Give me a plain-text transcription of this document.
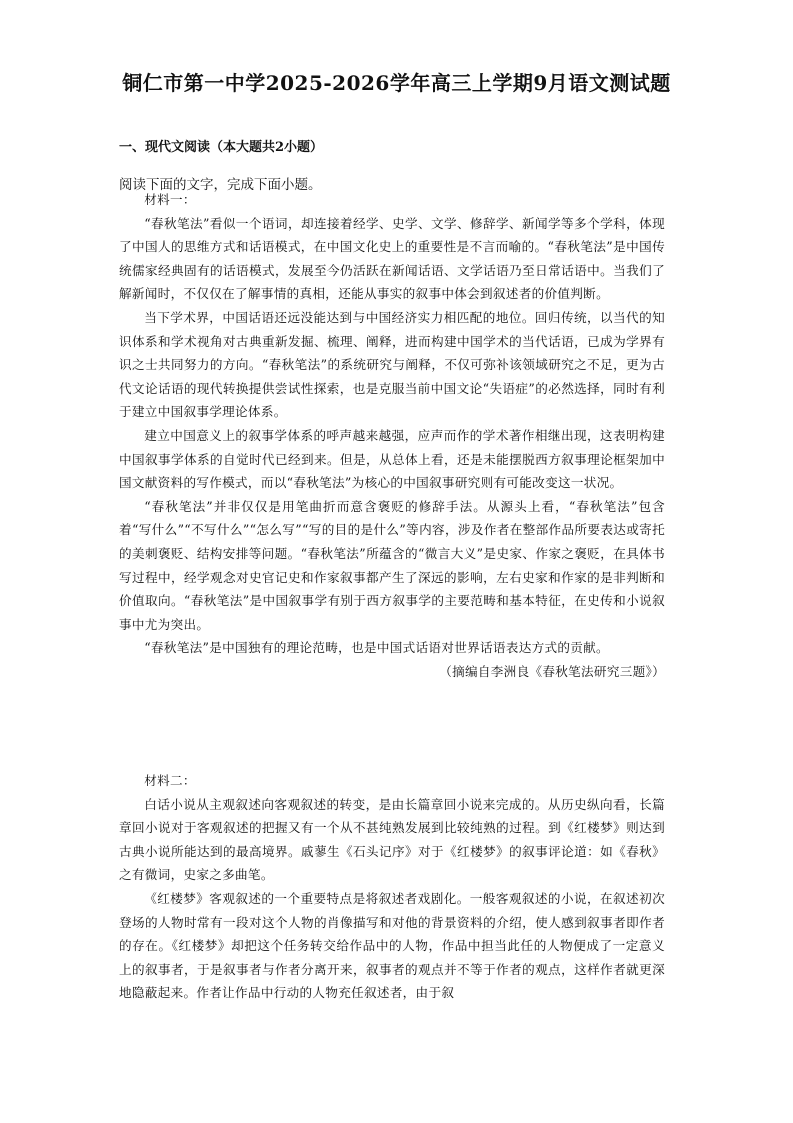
铜仁市第一中学2025-2026学年高三上学期9月语文测试题
一、现代文阅读（本大题共2小题）
阅读下面的文字，完成下面小题。

材料一：

“春秋笔法”看似一个语词，却连接着经学、史学、文学、修辞学、新闻学等多个学科，体现了中国人的思维方式和话语模式，在中国文化史上的重要性是不言而喻的。“春秋笔法”是中国传统儒家经典固有的话语模式，发展至今仍活跃在新闻话语、文学话语乃至日常话语中。当我们了解新闻时，不仅仅在了解事情的真相，还能从事实的叙事中体会到叙述者的价值判断。

当下学术界，中国话语还远没能达到与中国经济实力相匹配的地位。回归传统，以当代的知识体系和学术视角对古典重新发掘、梳理、阐释，进而构建中国学术的当代话语，已成为学界有识之士共同努力的方向。“春秋笔法”的系统研究与阐释，不仅可弥补该领域研究之不足，更为古代文论话语的现代转换提供尝试性探索，也是克服当前中国文论“失语症”的必然选择，同时有利于建立中国叙事学理论体系。

建立中国意义上的叙事学体系的呼声越来越强，应声而作的学术著作相继出现，这表明构建中国叙事学体系的自觉时代已经到来。但是，从总体上看，还是未能摆脱西方叙事理论框架加中国文献资料的写作模式，而以“春秋笔法”为核心的中国叙事研究则有可能改变这一状况。

“春秋笔法”并非仅仅是用笔曲折而意含褒贬的修辞手法。从源头上看，“春秋笔法”包含着“写什么”“不写什么”“怎么写”“写的目的是什么”等内容，涉及作者在整部作品所要表达或寄托的美刺褒贬、结构安排等问题。“春秋笔法”所蕴含的“微言大义”是史家、作家之褒贬，在具体书写过程中，经学观念对史官记史和作家叙事都产生了深远的影响，左右史家和作家的是非判断和价值取向。“春秋笔法”是中国叙事学有别于西方叙事学的主要范畴和基本特征，在史传和小说叙事中尤为突出。

“春秋笔法”是中国独有的理论范畴，也是中国式话语对世界话语表达方式的贡献。

（摘编自李洲良《春秋笔法研究三题》）

材料二：

白话小说从主观叙述向客观叙述的转变，是由长篇章回小说来完成的。从历史纵向看，长篇章回小说对于客观叙述的把握又有一个从不甚纯熟发展到比较纯熟的过程。到《红楼梦》则达到古典小说所能达到的最高境界。戚蓼生《石头记序》对于《红楼梦》的叙事评论道：如《春秋》之有微词，史家之多曲笔。

《红楼梦》客观叙述的一个重要特点是将叙述者戏剧化。一般客观叙述的小说，在叙述初次登场的人物时常有一段对这个人物的肖像描写和对他的背景资料的介绍，使人感到叙事者即作者的存在。《红楼梦》却把这个任务转交给作品中的人物，作品中担当此任的人物便成了一定意义上的叙事者，于是叙事者与作者分离开来，叙事者的观点并不等于作者的观点，这样作者就更深地隐蔽起来。作者让作品中行动的人物充任叙述者，由于叙
